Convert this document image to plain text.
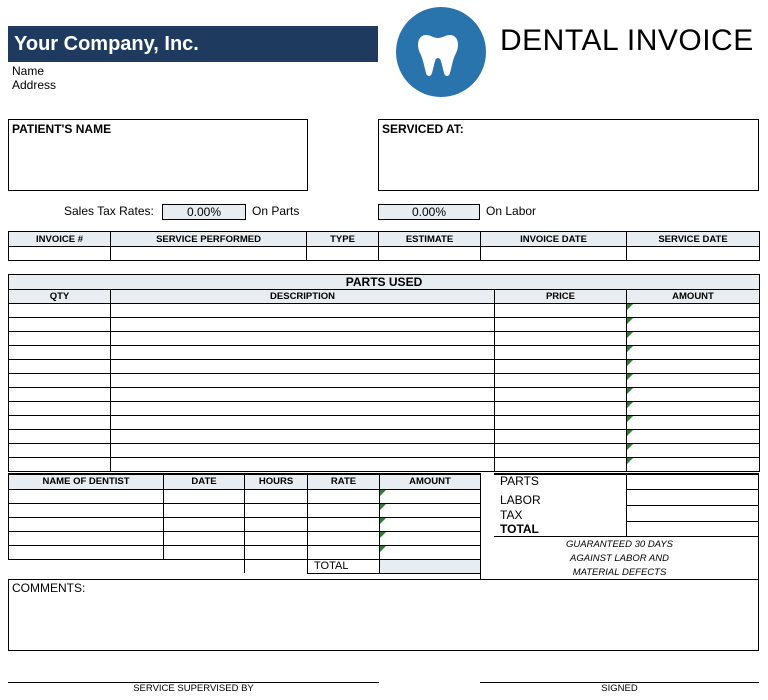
Your Company, Inc.
Name
Address
DENTAL INVOICE
PATIENT'S NAME	SERVICED AT:
Sales Tax Rates:	0.00%	On Parts	0.00%	On Labor
INVOICE #	SERVICE PERFORMED	TYPE	ESTIMATE	INVOICE DATE	SERVICE DATE

PARTS USED			
QTY	DESCRIPTION	PRICE	AMOUNT

NAME OF DENTIST	DATE	HOURS	RATE	AMOUNT

			TOTAL	
PARTS
LABOR
TAX
TOTAL
GUARANTEED 30 DAYS
AGAINST LABOR AND
MATERIAL DEFECTS
COMMENTS:
SERVICE SUPERVISED BY	SIGNED
